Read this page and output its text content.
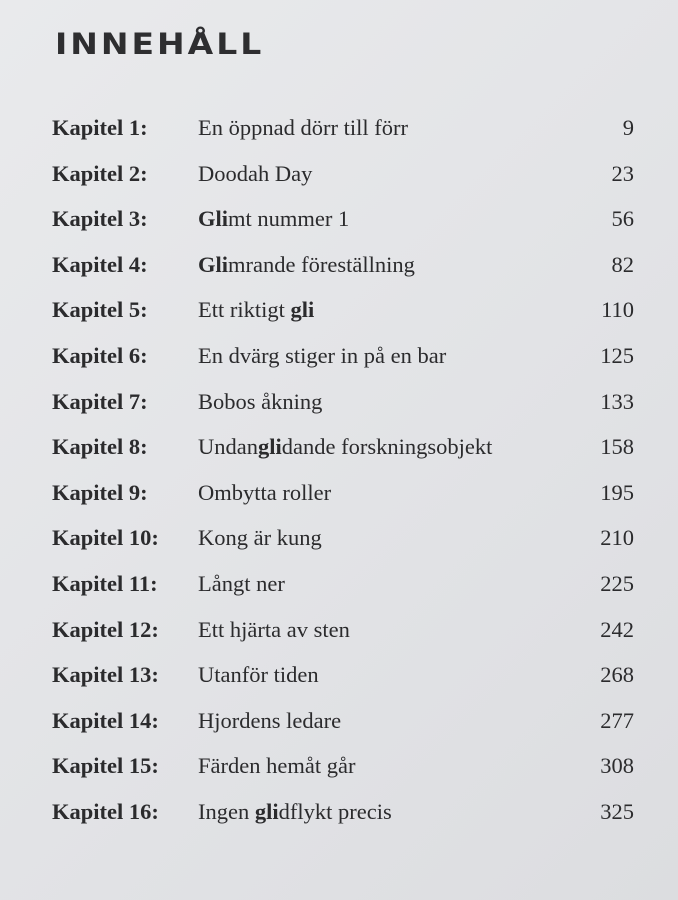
INNEHÅLL
Kapitel 1: En öppnad dörr till förr	9
Kapitel 2: Doodah Day	23
Kapitel 3: Glimt nummer 1	56
Kapitel 4: Glimrande föreställning	82
Kapitel 5: Ett riktigt gli	110
Kapitel 6: En dvärg stiger in på en bar	125
Kapitel 7: Bobos åkning	133
Kapitel 8: Undanglidande forskningsobjekt	158
Kapitel 9: Ombytta roller	195
Kapitel 10: Kong är kung	210
Kapitel 11: Långt ner	225
Kapitel 12: Ett hjärta av sten	242
Kapitel 13: Utanför tiden	268
Kapitel 14: Hjordens ledare	277
Kapitel 15: Färden hemåt går	308
Kapitel 16: Ingen glidflykt precis	325
